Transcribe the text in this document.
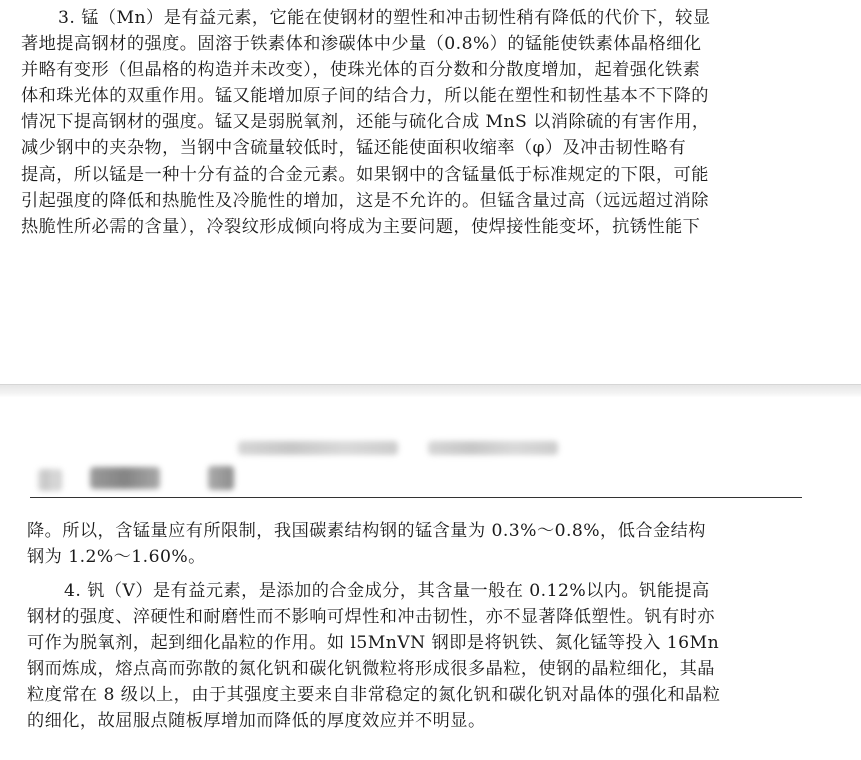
3. 锰（Mn）是有益元素，它能在使钢材的塑性和冲击韧性稍有降低的代价下，较显
著地提高钢材的强度。固溶于铁素体和渗碳体中少量（0.8%）的锰能使铁素体晶格细化
并略有变形（但晶格的构造并未改变），使珠光体的百分数和分散度增加，起着强化铁素
体和珠光体的双重作用。锰又能增加原子间的结合力，所以能在塑性和韧性基本不下降的
情况下提高钢材的强度。锰又是弱脱氧剂，还能与硫化合成 MnS 以消除硫的有害作用，
减少钢中的夹杂物，当钢中含硫量较低时，锰还能使面积收缩率（φ）及冲击韧性略有
提高，所以锰是一种十分有益的合金元素。如果钢中的含锰量低于标准规定的下限，可能
引起强度的降低和热脆性及冷脆性的增加，这是不允许的。但锰含量过高（远远超过消除
热脆性所必需的含量），冷裂纹形成倾向将成为主要问题，使焊接性能变坏，抗锈性能下
降。所以，含锰量应有所限制，我国碳素结构钢的锰含量为 0.3%～0.8%，低合金结构
钢为 1.2%～1.60%。
4. 钒（V）是有益元素，是添加的合金成分，其含量一般在 0.12%以内。钒能提高
钢材的强度、淬硬性和耐磨性而不影响可焊性和冲击韧性，亦不显著降低塑性。钒有时亦
可作为脱氧剂，起到细化晶粒的作用。如 l5MnVN 钢即是将钒铁、氮化锰等投入 16Mn
钢而炼成，熔点高而弥散的氮化钒和碳化钒微粒将形成很多晶粒，使钢的晶粒细化，其晶
粒度常在 8 级以上，由于其强度主要来自非常稳定的氮化钒和碳化钒对晶体的强化和晶粒
的细化，故屈服点随板厚增加而降低的厚度效应并不明显。
